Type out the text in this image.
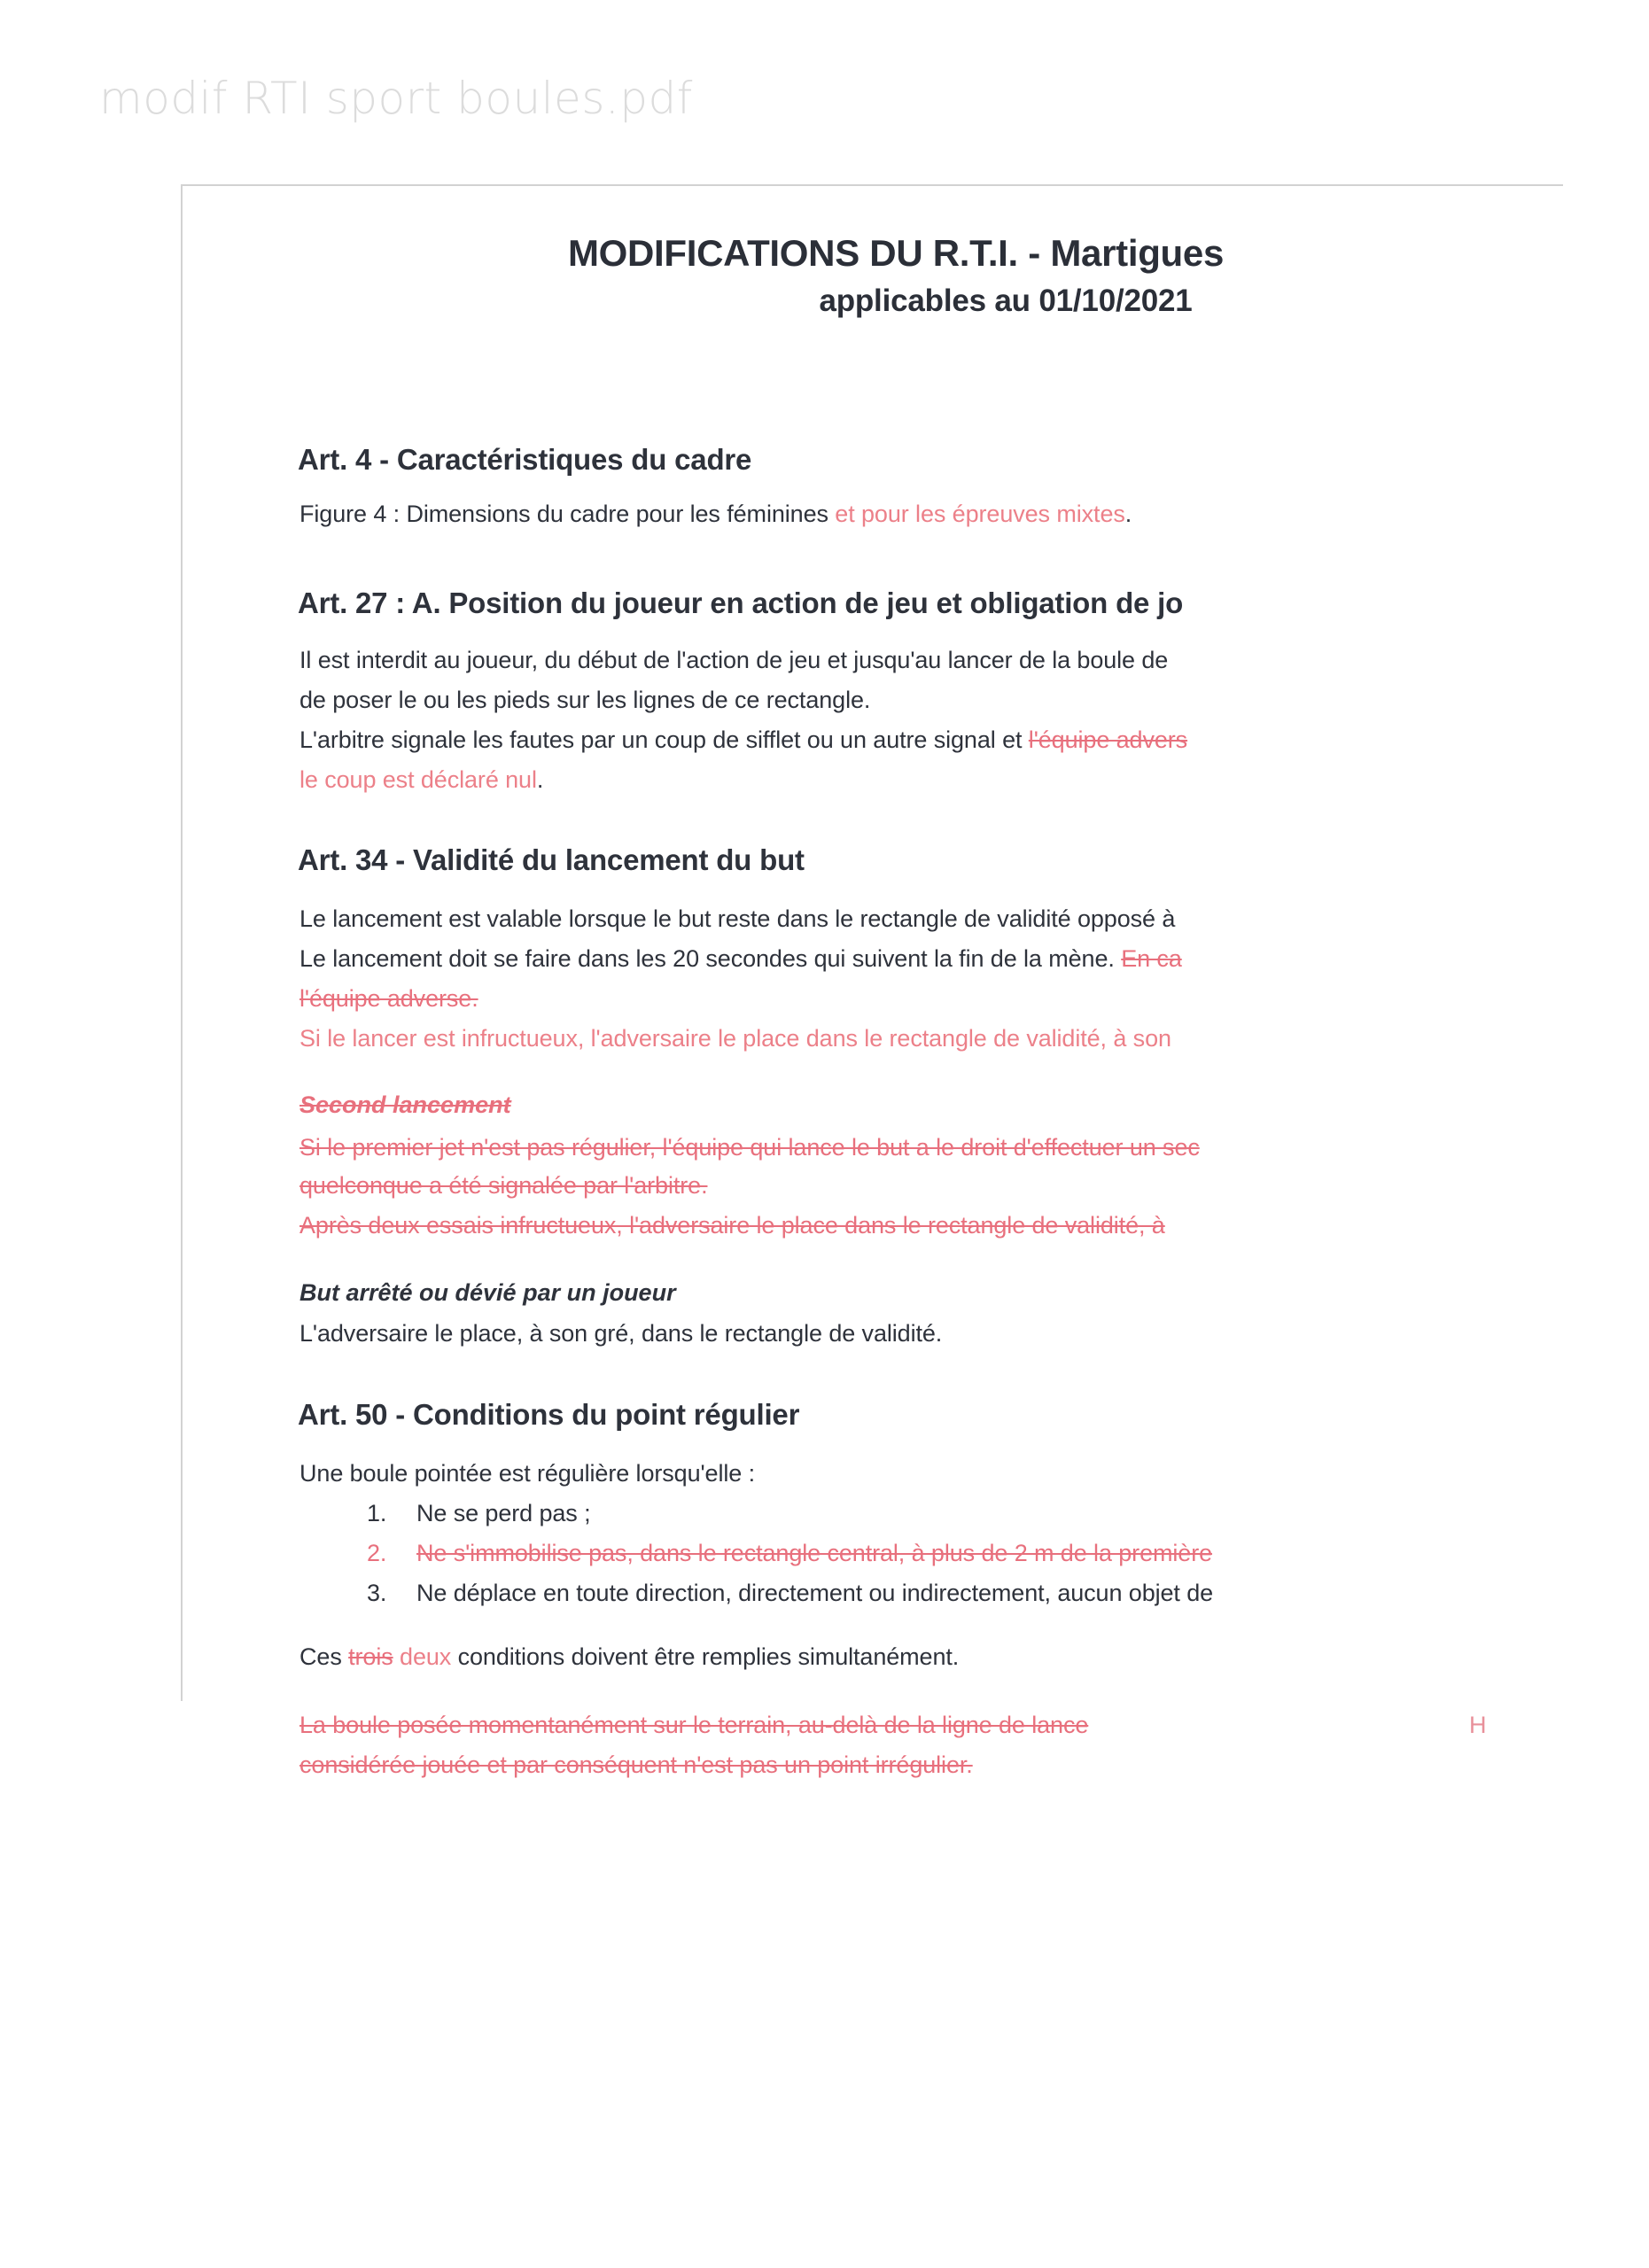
modif RTI sport boules.pdf
MODIFICATIONS DU R.T.I. - Martigues
applicables au 01/10/2021
Art. 4 - Caractéristiques du cadre
Figure 4 : Dimensions du cadre pour les féminines et pour les épreuves mixtes.
Art. 27 : A. Position du joueur en action de jeu et obligation de jo
Il est interdit au joueur, du début de l'action de jeu et jusqu'au lancer de la boule de
de poser le ou les pieds sur les lignes de ce rectangle.
L'arbitre signale les fautes par un coup de sifflet ou un autre signal et l'équipe advers
le coup est déclaré nul.
Art. 34 - Validité du lancement du but
Le lancement est valable lorsque le but reste dans le rectangle de validité opposé à
Le lancement doit se faire dans les 20 secondes qui suivent la fin de la mène. En ca
l'équipe adverse.
Si le lancer est infructueux, l'adversaire le place dans le rectangle de validité, à son
Second lancement
Si le premier jet n'est pas régulier, l'équipe qui lance le but a le droit d'effectuer un sec
quelconque a été signalée par l'arbitre.
Après deux essais infructueux, l'adversaire le place dans le rectangle de validité, à
But arrêté ou dévié par un joueur
L'adversaire le place, à son gré, dans le rectangle de validité.
Art. 50 - Conditions du point régulier
Une boule pointée est régulière lorsqu'elle :
1. Ne se perd pas ;
2. Ne s'immobilise pas, dans le rectangle central, à plus de 2 m de la première
3. Ne déplace en toute direction, directement ou indirectement, aucun objet de
Ces trois deux conditions doivent être remplies simultanément.
La boule posée momentanément sur le terrain, au-delà de la ligne de lance
considérée jouée et par conséquent n'est pas un point irrégulier.
H
